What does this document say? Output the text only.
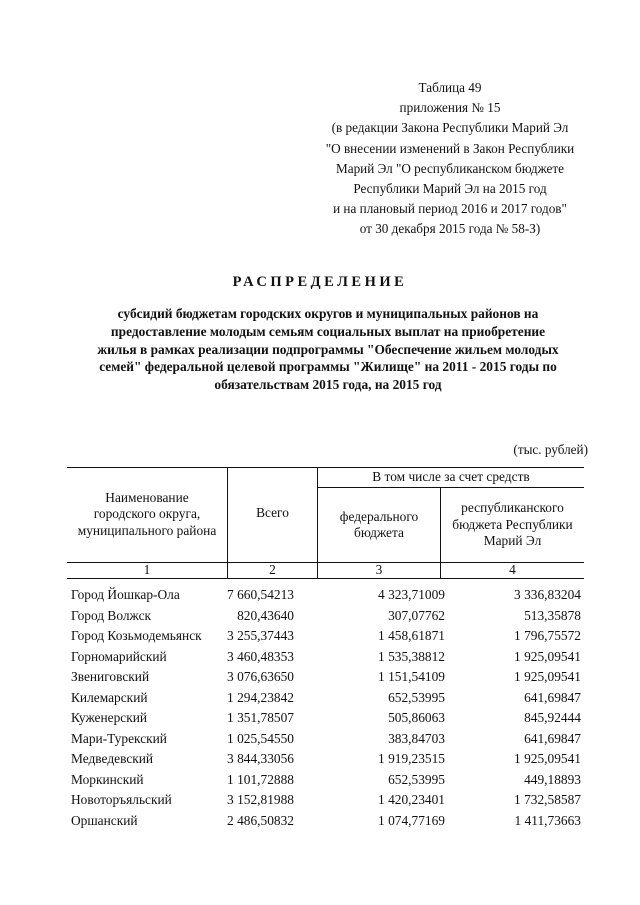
Таблица 49
приложения № 15
(в редакции Закона Республики Марий Эл
"О внесении изменений в Закон Республики
Марий Эл "О республиканском бюджете
Республики Марий Эл на 2015 год
и на плановый период 2016 и 2017 годов"
от 30 декабря 2015 года № 58-З)
РАСПРЕДЕЛЕНИЕ
субсидий бюджетам городских округов и муниципальных районов на
предоставление молодым семьям социальных выплат на приобретение
жилья в рамках реализации подпрограммы "Обеспечение жильем молодых
семей" федеральной целевой программы "Жилище" на 2011 - 2015 годы по
обязательствам 2015 года, на 2015 год
(тыс. рублей)
Наименование
городского округа,
муниципального района
Всего
В том числе за счет средств
федерального
бюджета
республиканского
бюджета Республики
Марий Эл
1	2	3	4
Город Йошкар-Ола	7 660,54213	4 323,71009	3 336,83204
Город Волжск	820,43640	307,07762	513,35878
Город Козьмодемьянск 3 255,37443	1 458,61871	1 796,75572
Горномарийский	3 460,48353	1 535,38812	1 925,09541
Звениговский	3 076,63650	1 151,54109	1 925,09541
Килемарский	1 294,23842	652,53995	641,69847
Куженерский	1 351,78507	505,86063	845,92444
Мари-Турекский	1 025,54550	383,84703	641,69847
Медведевский	3 844,33056	1 919,23515	1 925,09541
Моркинский	1 101,72888	652,53995	449,18893
Новоторъяльский	3 152,81988	1 420,23401	1 732,58587
Оршанский	2 486,50832	1 074,77169	1 411,73663
